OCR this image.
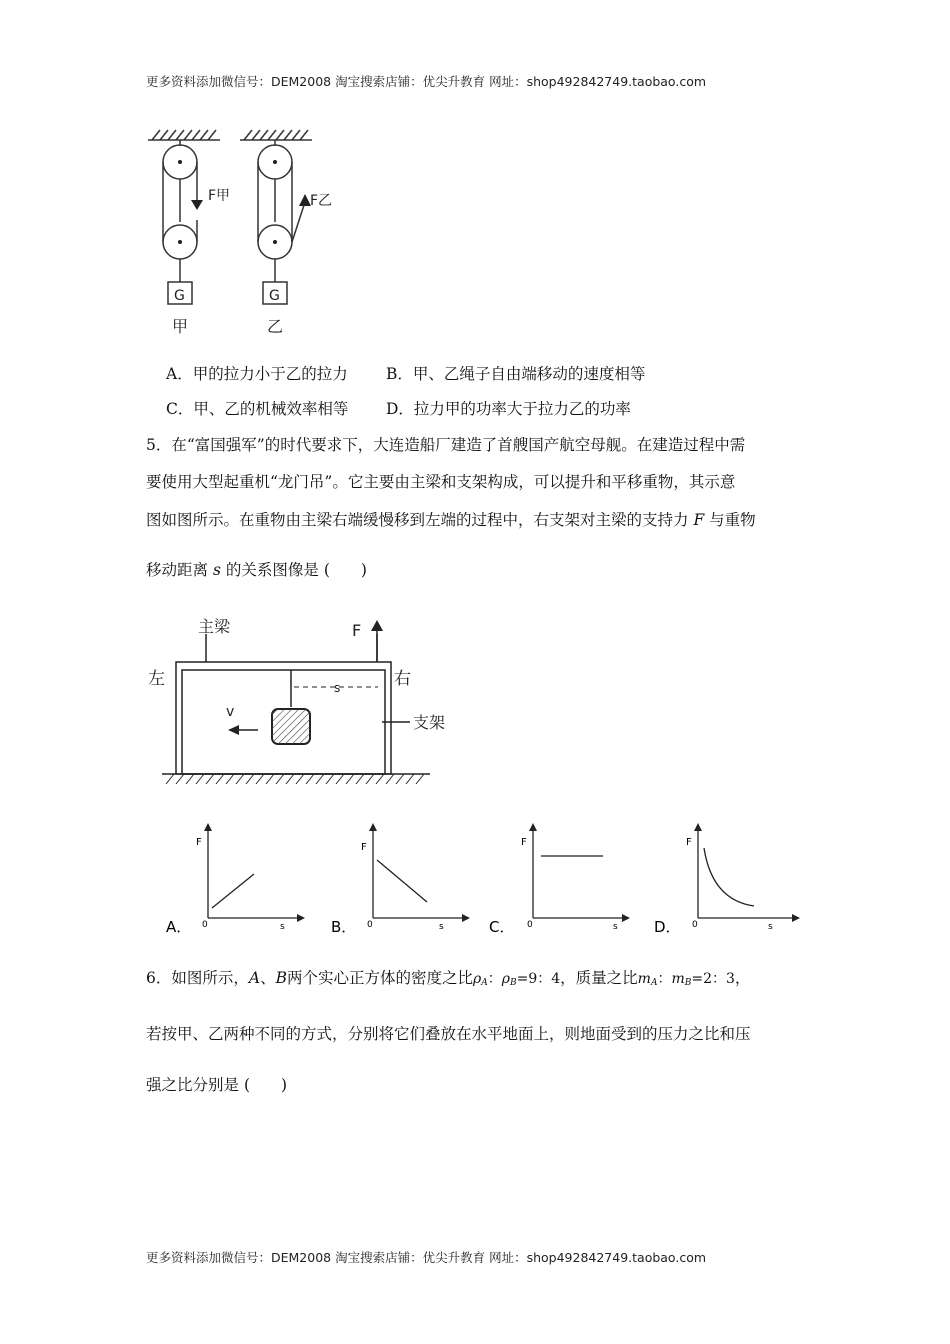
更多资料添加微信号：DEM2008 淘宝搜索店铺：优尖升教育 网址：shop492842749.taobao.com
F甲	F乙
G	G
甲	乙
A．甲的拉力小于乙的拉力 B．甲、乙绳子自由端移动的速度相等
C．甲、乙的机械效率相等 D．拉力甲的功率大于拉力乙的功率
5．在“富国强军”的时代要求下，大连造船厂建造了首艘国产航空母舰。在建造过程中需
要使用大型起重机“龙门吊”。它主要由主梁和支架构成，可以提升和平移重物，其示意
图如图所示。在重物由主梁右端缓慢移到左端的过程中，右支架对主梁的支持力 F 与重物
移动距离 s 的关系图像是 (　　)
主梁	F
左	右
s
v
支架
F
0	s
A．
F
0	s
B．
F
0	s
C．
F
0	s
D．
6．如图所示，A、B两个实心正方体的密度之比$\rho_A$：$\rho_B=9$：4，质量之比$m_A$：$m_B=2$：3，
若按甲、乙两种不同的方式，分别将它们叠放在水平地面上，则地面受到的压力之比和压
强之比分别是 (　　)
更多资料添加微信号：DEM2008 淘宝搜索店铺：优尖升教育 网址：shop492842749.taobao.com
